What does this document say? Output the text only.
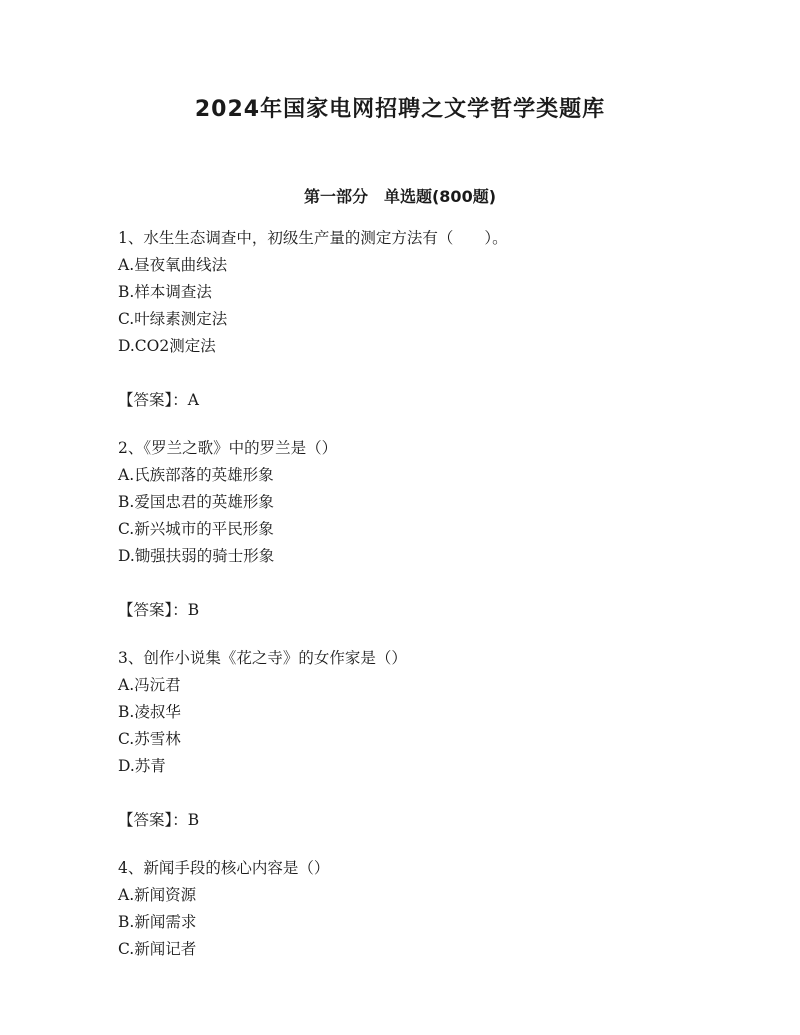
2024年国家电网招聘之文学哲学类题库
第一部分　单选题(800题)
1、水生生态调查中，初级生产量的测定方法有（　　）。
A.昼夜氧曲线法
B.样本调查法
C.叶绿素测定法
D.CO2测定法
【答案】：A
2、《罗兰之歌》中的罗兰是（）
A.氏族部落的英雄形象
B.爱国忠君的英雄形象
C.新兴城市的平民形象
D.锄强扶弱的骑士形象
【答案】：B
3、创作小说集《花之寺》的女作家是（）
A.冯沅君
B.凌叔华
C.苏雪林
D.苏青
【答案】：B
4、新闻手段的核心内容是（）
A.新闻资源
B.新闻需求
C.新闻记者
